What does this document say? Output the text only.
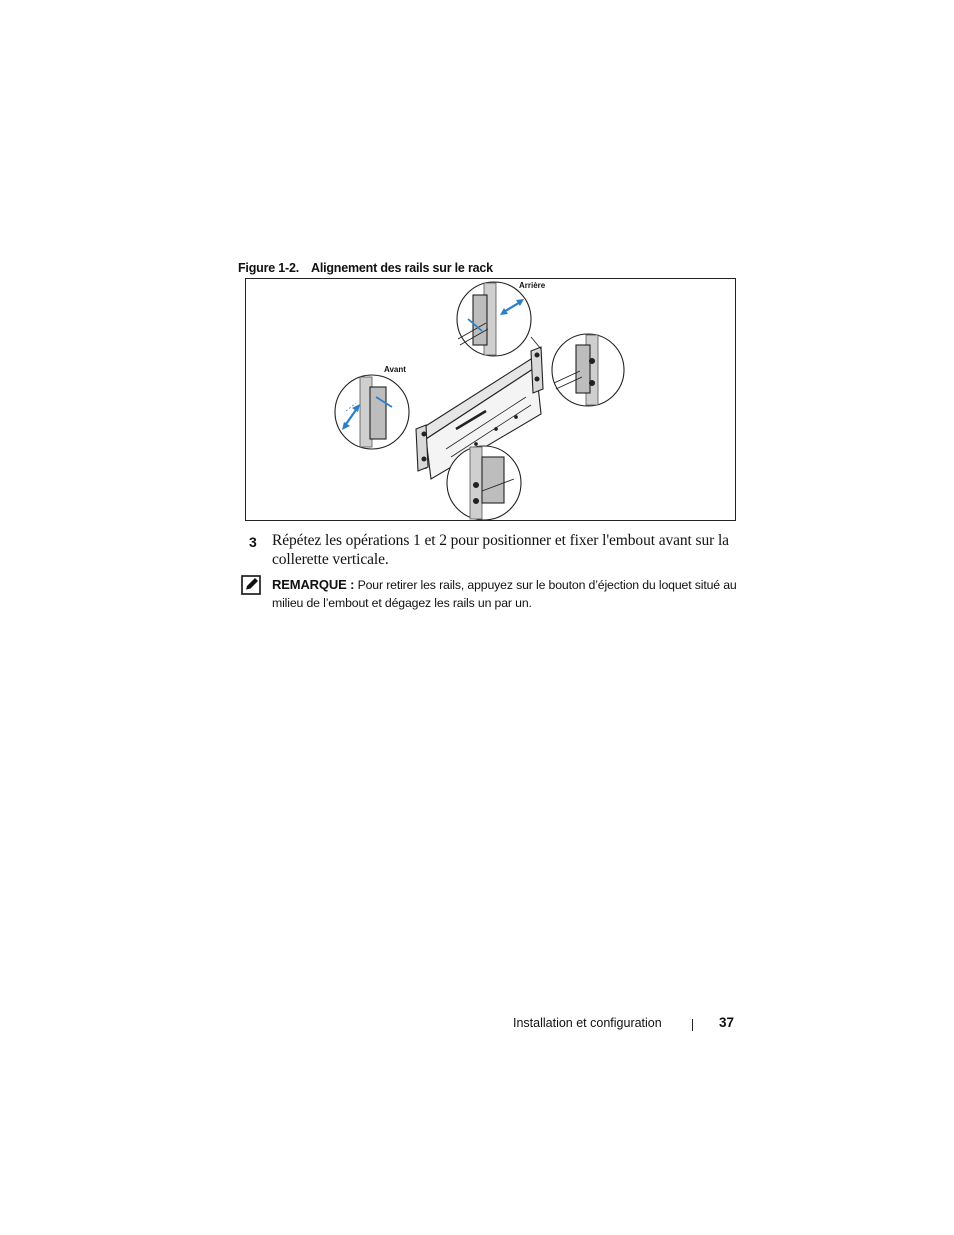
Figure 1-2. Alignement des rails sur le rack
Arrière
Avant
3 Répétez les opérations 1 et 2 pour positionner et fixer l'embout avant sur la collerette verticale.
REMARQUE : Pour retirer les rails, appuyez sur le bouton d’éjection du loquet situé au milieu de l’embout et dégagez les rails un par un.
Installation et configuration	37
